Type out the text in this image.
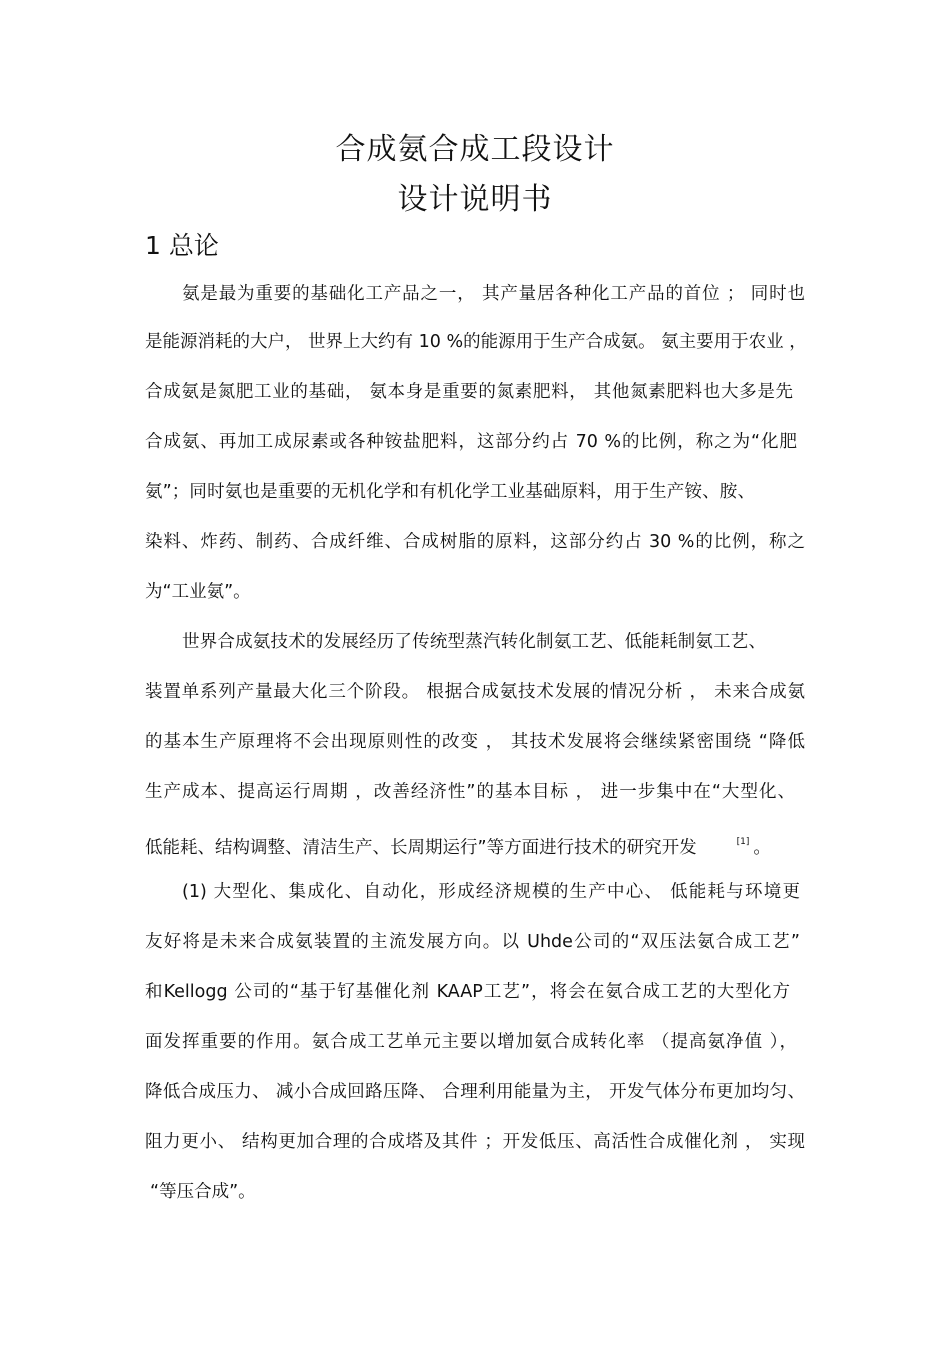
合成氨合成工段设计
设计说明书
1 总论
氨是最为重要的基础化工产品之一， 其产量居各种化工产品的首位 ； 同时也
是能源消耗的大户， 世界上大约有 10 %的能源用于生产合成氨。 氨主要用于农业 ，
合成氨是氮肥工业的基础， 氨本身是重要的氮素肥料， 其他氮素肥料也大多是先
合成氨、再加工成尿素或各种铵盐肥料，这部分约占 70 %的比例，称之为“化肥
氨”；同时氨也是重要的无机化学和有机化学工业基础原料，用于生产铵、胺、
染料、炸药、制药、合成纤维、合成树脂的原料，这部分约占 30 %的比例，称之
为“工业氨”。
世界合成氨技术的发展经历了传统型蒸汽转化制氨工艺、低能耗制氨工艺、
装置单系列产量最大化三个阶段。 根据合成氨技术发展的情况分析 ， 未来合成氨
的基本生产原理将不会出现原则性的改变 ， 其技术发展将会继续紧密围绕 “降低
生产成本、提高运行周期 ，改善经济性”的基本目标 ， 进一步集中在“大型化、
低能耗、结构调整、清洁生产、长周期运行”等方面进行技术的研究开发	[1] 。
(1) 大型化、集成化、自动化，形成经济规模的生产中心、 低能耗与环境更
友好将是未来合成氨装置的主流发展方向。以 Uhde公司的“双压法氨合成工艺”
和Kellogg 公司的“基于钌基催化剂 KAAP工艺”，将会在氨合成工艺的大型化方
面发挥重要的作用。氨合成工艺单元主要以增加氨合成转化率 （提高氨净值 ），
降低合成压力、 减小合成回路压降、 合理利用能量为主， 开发气体分布更加均匀、
阻力更小、 结构更加合理的合成塔及其件 ；开发低压、高活性合成催化剂 ， 实现
“等压合成”。
